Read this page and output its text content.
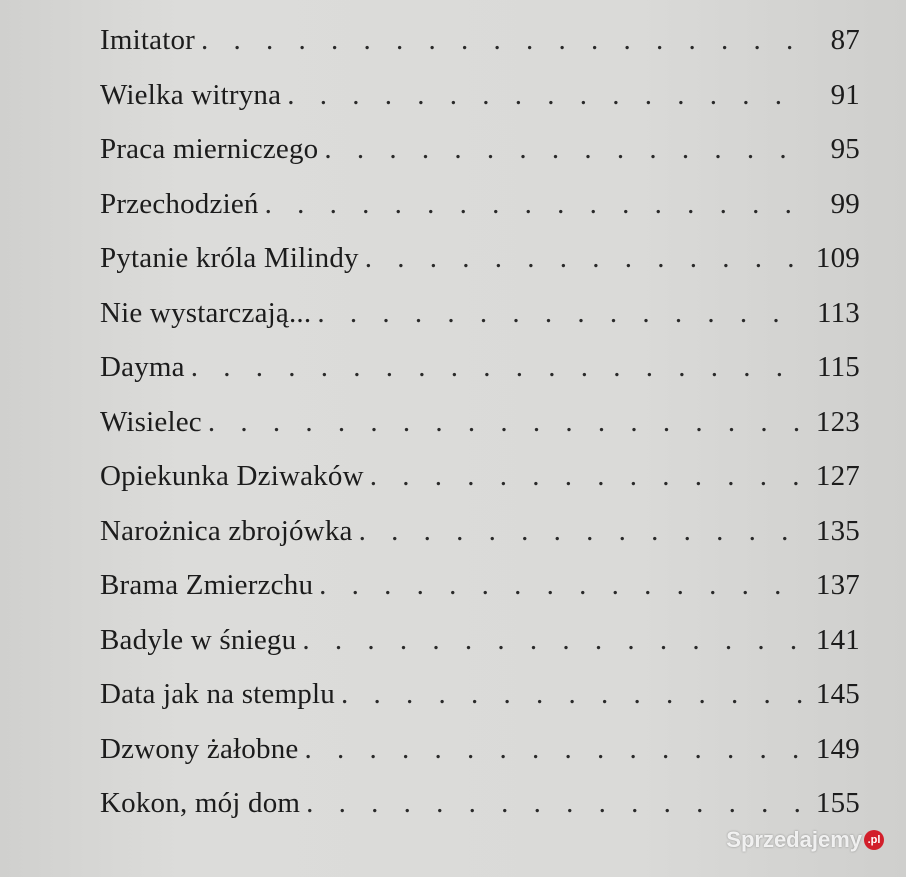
Imitator . . .	87
Wielka witryna . . .	91
Praca mierniczego . . .	95
Przechodzień . . .	99
Pytanie króla Milindy . . .	109
Nie wystarczają... . . .	113
Dayma . . .	115
Wisielec . . .	123
Opiekunka Dziwaków . . .	127
Narożnica zbrojówka . . .	135
Brama Zmierzchu . . .	137
Badyle w śniegu . . .	141
Data jak na stemplu . . .	145
Dzwony żałobne . . .	149
Kokon, mój dom . . .	155
Sprzedajemy .pl
